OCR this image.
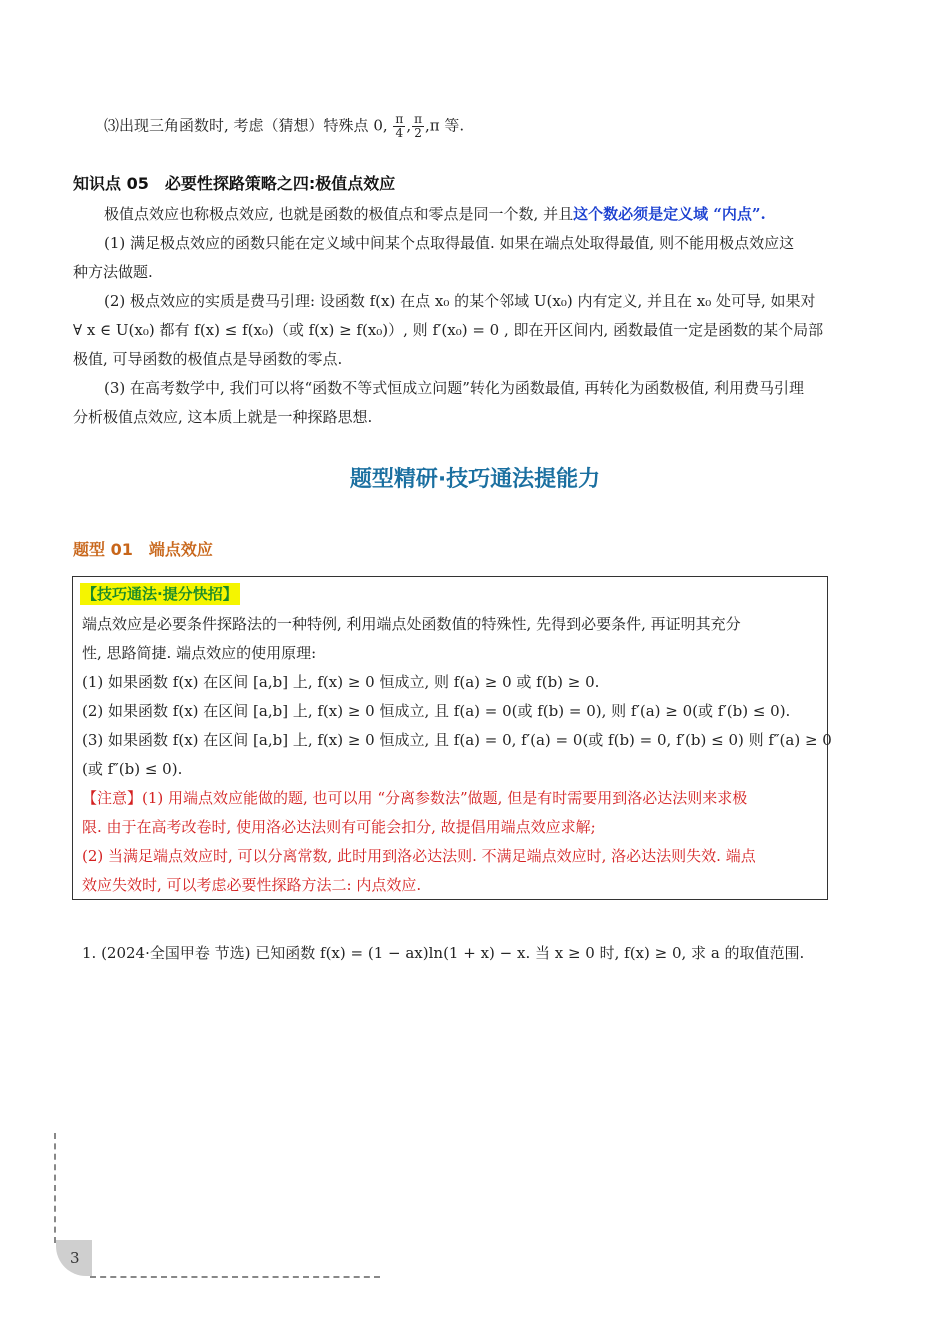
⑶出现三角函数时, 考虑（猜想）特殊点 0, $\frac{\pi}{4}$ , $\frac{\pi}{2} ,\pi$ 等.
知识点 05　必要性探路策略之四:极值点效应
极值点效应也称极点效应, 也就是函数的极值点和零点是同一个数, 并且这个数必须是定义域 “内点”.
(1) 满足极点效应的函数只能在定义域中间某个点取得最值. 如果在端点处取得最值, 则不能用极点效应这
种方法做题.
(2) 极点效应的实质是费马引理: 设函数 f(x) 在点 x₀ 的某个邻域 U(x₀) 内有定义, 并且在 x₀ 处可导, 如果对
∀ x ∈ U(x₀) 都有 f(x) ≤ f(x₀)（或 f(x) ≥ f(x₀)）, 则 f′(x₀) = 0 , 即在开区间内, 函数最值一定是函数的某个局部
极值, 可导函数的极值点是导函数的零点.
(3) 在高考数学中, 我们可以将“函数不等式恒成立问题”转化为函数最值, 再转化为函数极值, 利用费马引理
分析极值点效应, 这本质上就是一种探路思想.
题型精研·技巧通法提能力
题型 01　端点效应
【技巧通法·提分快招】
端点效应是必要条件探路法的一种特例, 利用端点处函数值的特殊性, 先得到必要条件, 再证明其充分
性, 思路简捷. 端点效应的使用原理:
(1) 如果函数 f(x) 在区间 [a,b] 上, f(x) ≥ 0 恒成立, 则 f(a) ≥ 0 或 f(b) ≥ 0.
(2) 如果函数 f(x) 在区间 [a,b] 上, f(x) ≥ 0 恒成立, 且 f(a) = 0(或 f(b) = 0), 则 f′(a) ≥ 0(或 f′(b) ≤ 0).
(3) 如果函数 f(x) 在区间 [a,b] 上, f(x) ≥ 0 恒成立, 且 f(a) = 0, f′(a) = 0(或 f(b) = 0, f′(b) ≤ 0) 则 f″(a) ≥ 0
(或 f″(b) ≤ 0).
【注意】(1) 用端点效应能做的题, 也可以用 “分离参数法”做题, 但是有时需要用到洛必达法则来求极
限. 由于在高考改卷时, 使用洛必达法则有可能会扣分, 故提倡用端点效应求解;
(2) 当满足端点效应时, 可以分离常数, 此时用到洛必达法则. 不满足端点效应时, 洛必达法则失效. 端点
效应失效时, 可以考虑必要性探路方法二: 内点效应.
1. (2024·全国甲卷 节选) 已知函数 f(x) = (1 − ax)ln(1 + x) − x. 当 x ≥ 0 时, f(x) ≥ 0, 求 a 的取值范围.
3
